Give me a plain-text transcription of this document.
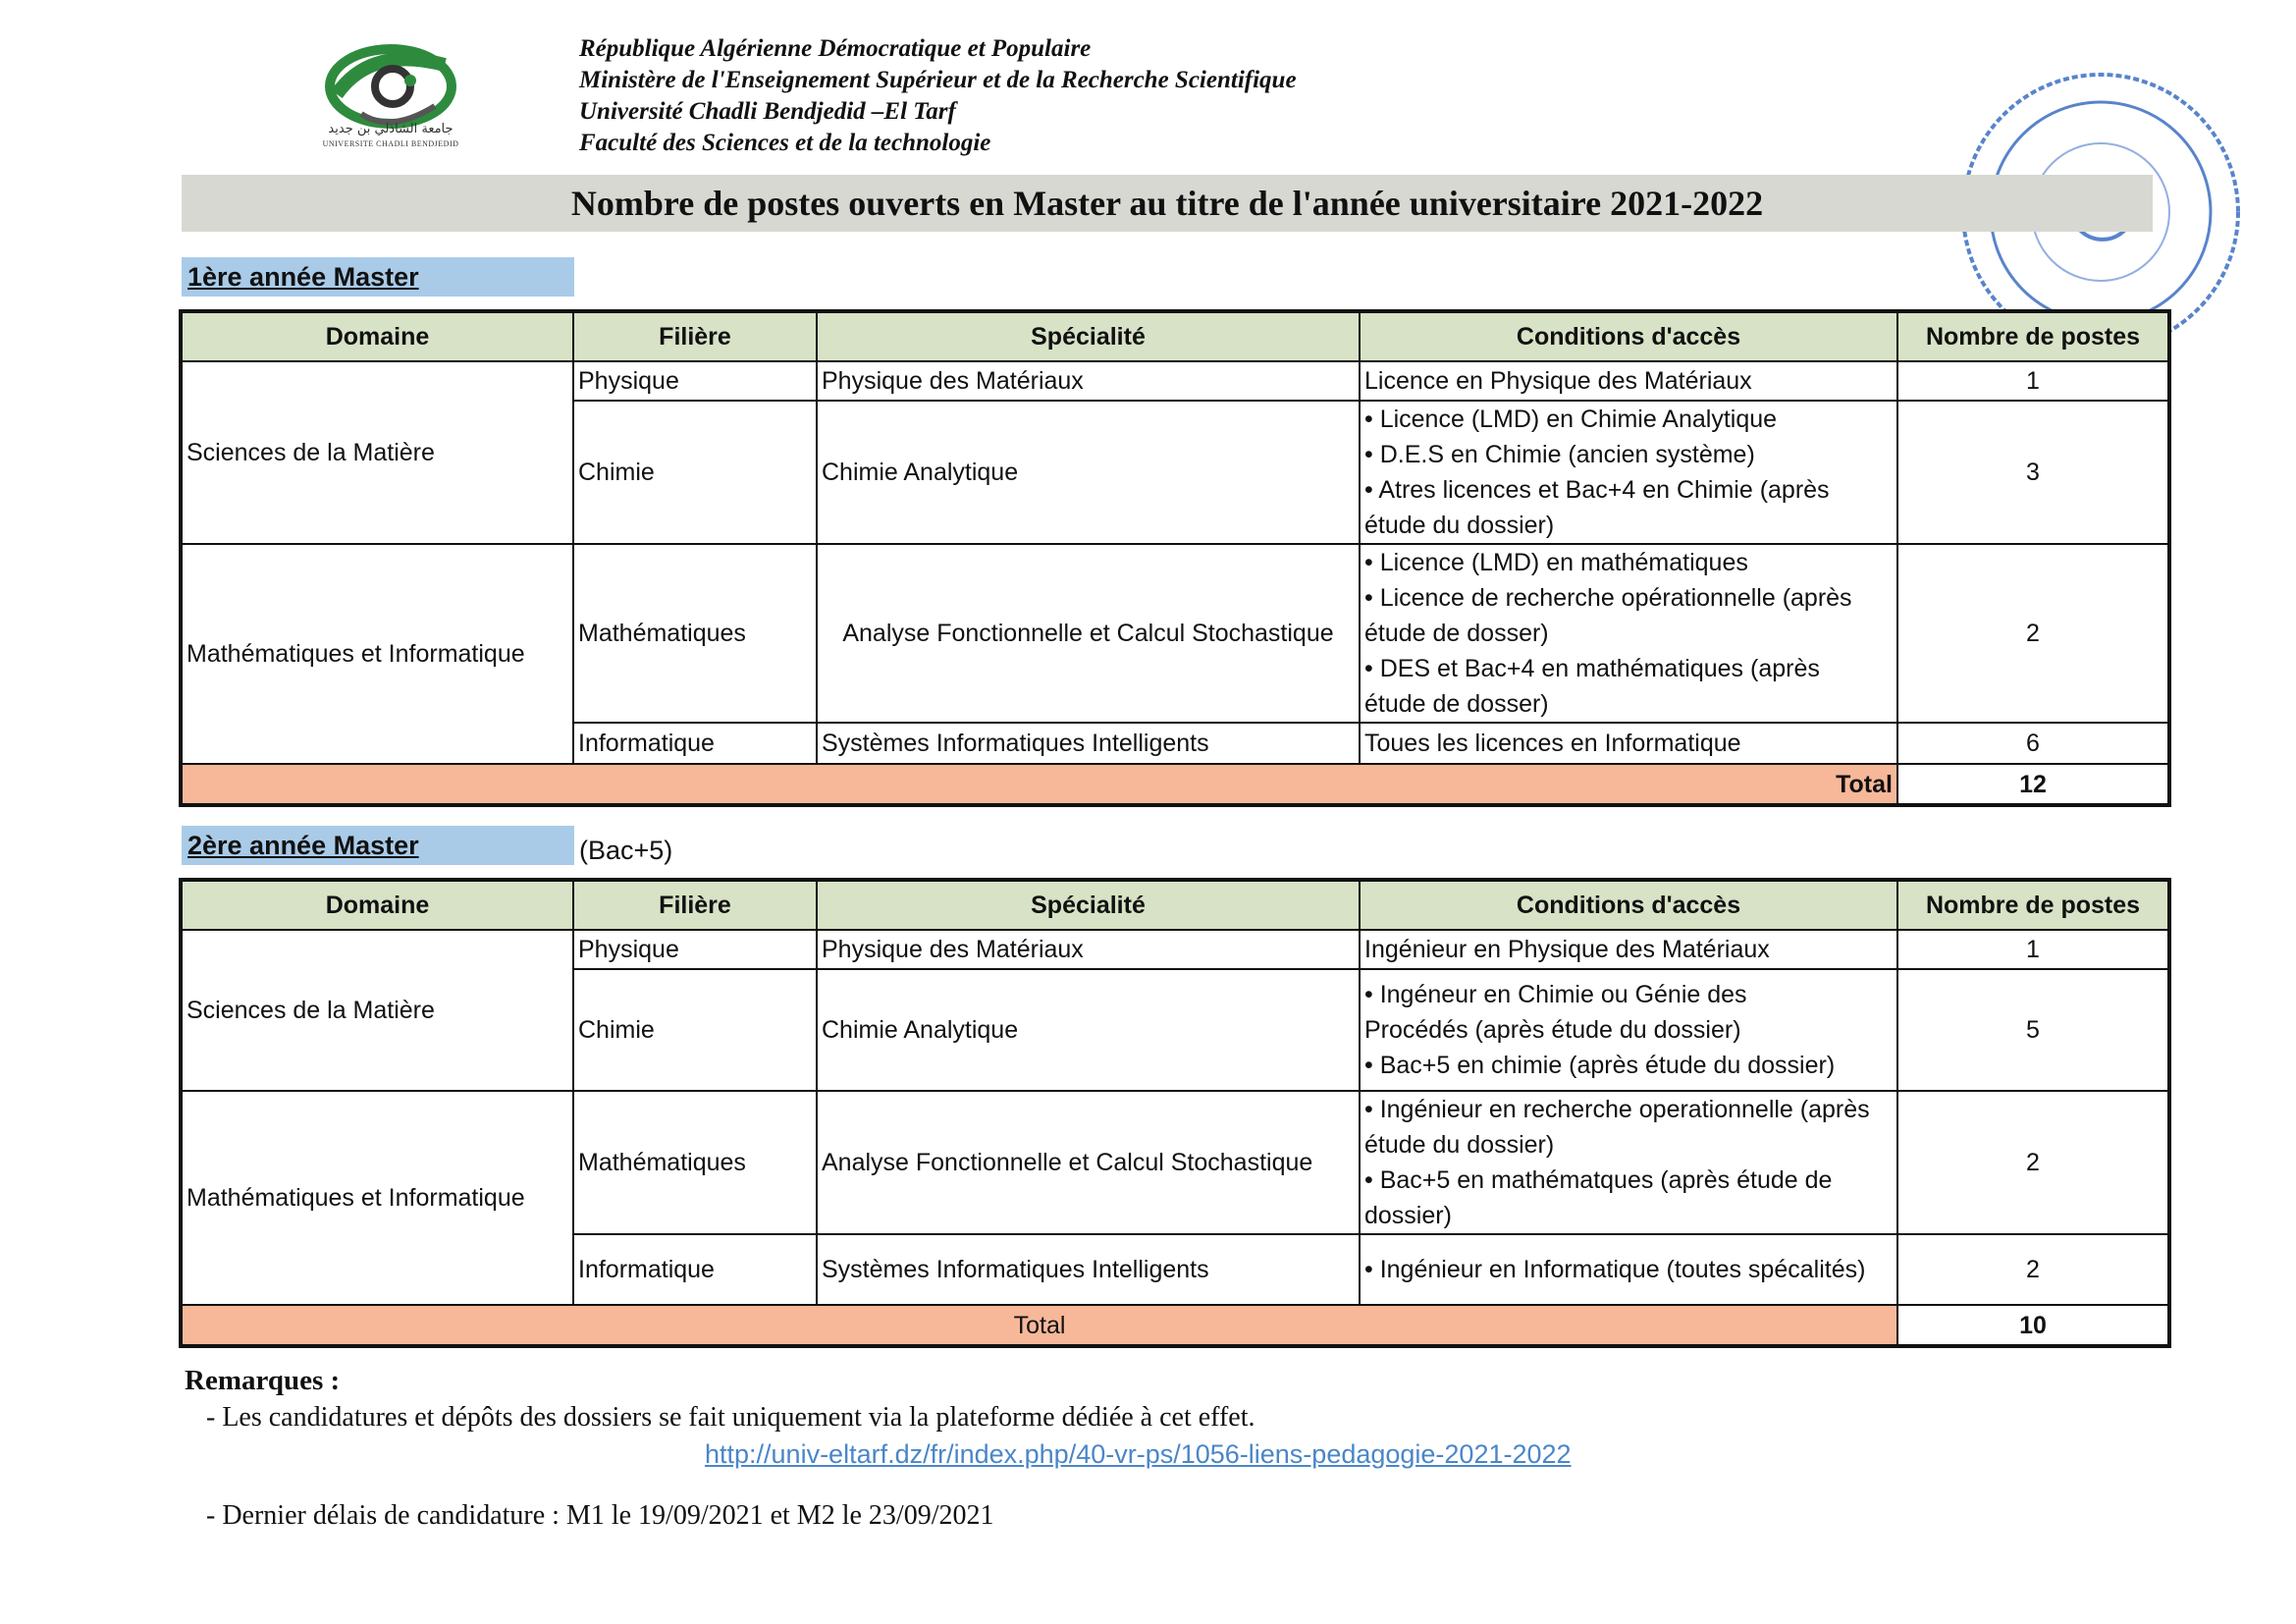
جامعة الشاذلي بن جديد
UNIVERSITE CHADLI BENDJEDID
République Algérienne Démocratique et Populaire
Ministère de l'Enseignement Supérieur et de la Recherche Scientifique
Université Chadli Bendjedid –El Tarf
Faculté des Sciences et de la technologie
Nombre de postes ouverts en Master au titre de l'année universitaire 2021-2022
1ère année Master
Domaine	Filière	Spécialité	Conditions d'accès	Nombre de postes
Sciences de la Matière	Physique	Physique des Matériaux	Licence en Physique des Matériaux	1
	Chimie	Chimie Analytique	• Licence (LMD) en Chimie Analytique
• D.E.S en Chimie (ancien système)
• Atres licences et Bac+4 en Chimie (après
étude du dossier)	3
Mathématiques et Informatique	Mathématiques	Analyse Fonctionnelle et Calcul Stochastique	• Licence (LMD) en mathématiques
• Licence de recherche opérationnelle (après
étude de dosser)
• DES et Bac+4 en mathématiques (après
étude de dosser)	2
	Informatique	Systèmes Informatiques Intelligents	Toues les licences en Informatique	6
Total				12
2ère année Master	(Bac+5)
Domaine	Filière	Spécialité	Conditions d'accès	Nombre de postes
Sciences de la Matière	Physique	Physique des Matériaux	Ingénieur en Physique des Matériaux	1
	Chimie	Chimie Analytique	• Ingéneur en Chimie ou Génie des
Procédés (après étude du dossier)
• Bac+5 en chimie (après étude du dossier)	5
Mathématiques et Informatique	Mathématiques	Analyse Fonctionnelle et Calcul Stochastique	• Ingénieur en recherche operationnelle (après
étude du dossier)
• Bac+5 en mathématques (après étude de
dossier)	2
	Informatique	Systèmes Informatiques Intelligents	• Ingénieur en Informatique (toutes spécalités)	2
Total				10
Remarques :
- Les candidatures et dépôts des dossiers se fait uniquement via la plateforme dédiée à cet effet.
http://univ-eltarf.dz/fr/index.php/40-vr-ps/1056-liens-pedagogie-2021-2022
- Dernier délais de candidature : M1 le 19/09/2021 et M2 le 23/09/2021
